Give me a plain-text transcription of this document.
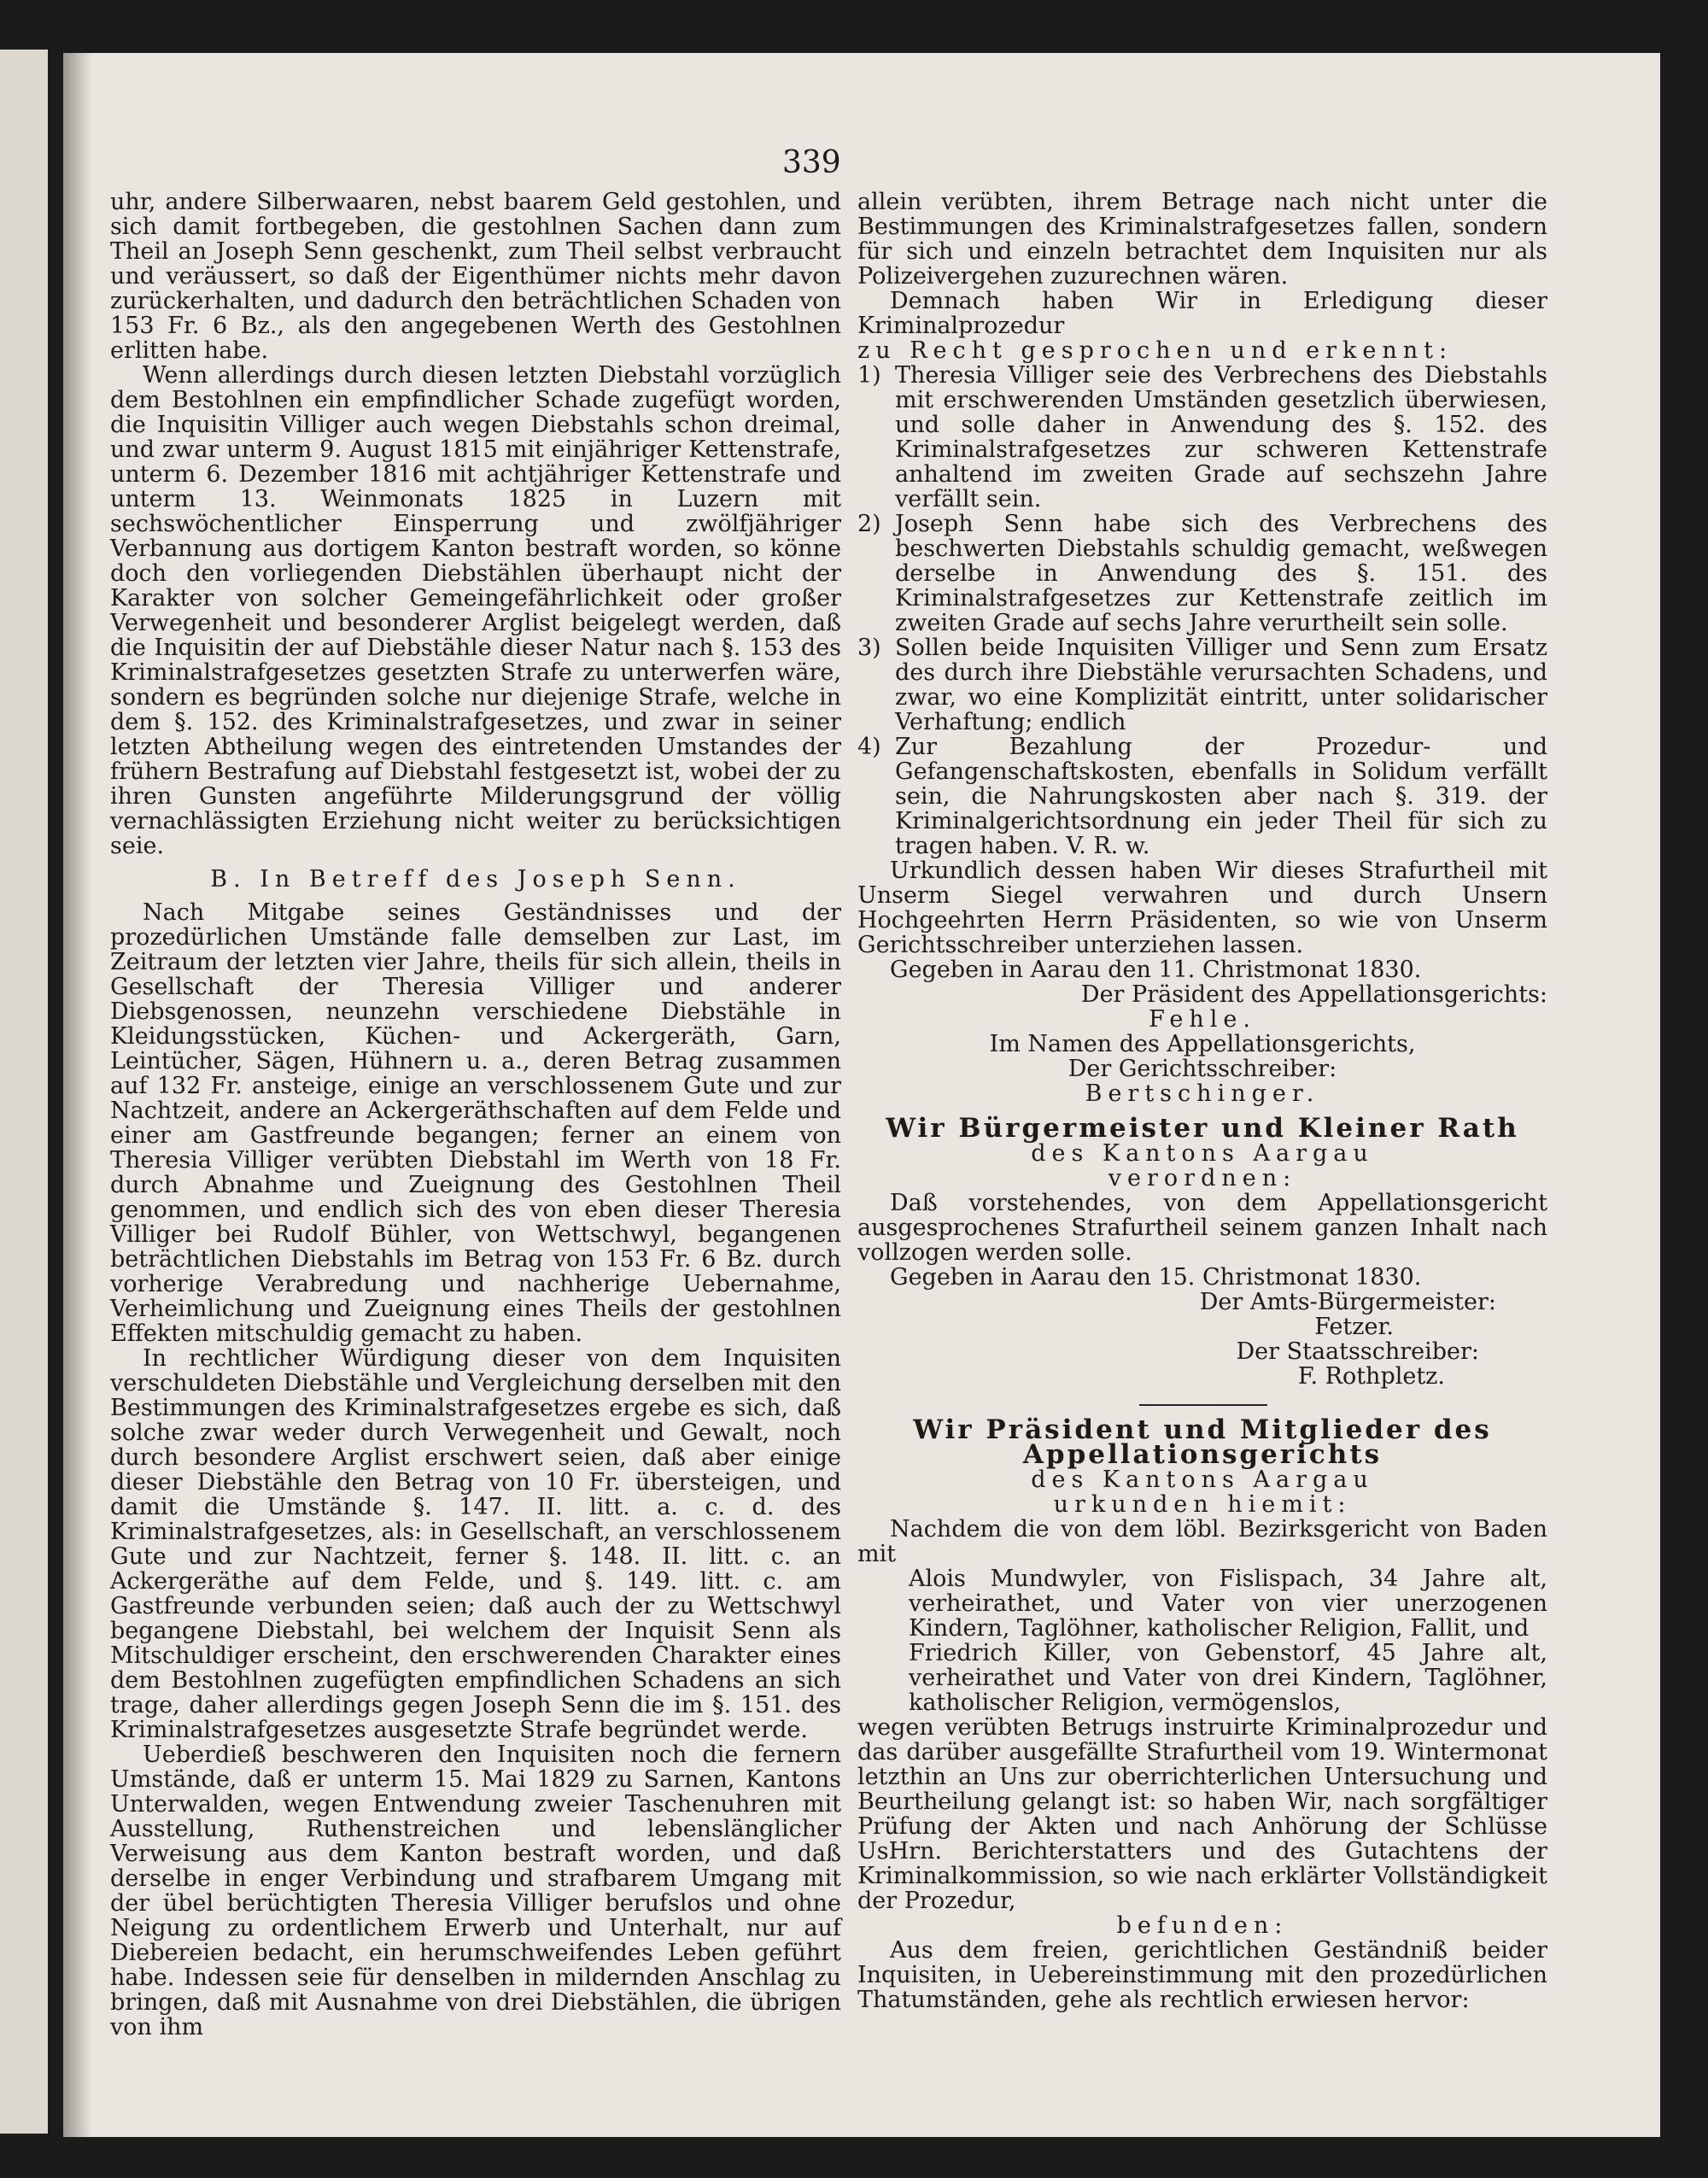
339

uhr, andere Silberwaaren, nebst baarem Geld gestohlen, und sich damit fortbegeben, die gestohlnen Sachen dann zum Theil an Joseph Senn geschenkt, zum Theil selbst verbraucht und veräussert, so daß der Eigenthümer nichts mehr davon zurückerhalten, und dadurch den beträchtlichen Schaden von 153 Fr. 6 Bz., als den angegebenen Werth des Gestohlnen erlitten habe.

Wenn allerdings durch diesen letzten Diebstahl vorzüglich dem Bestohlnen ein empfindlicher Schade zugefügt worden, die Inquisitin Villiger auch wegen Diebstahls schon dreimal, und zwar unterm 9. August 1815 mit einjähriger Kettenstrafe, unterm 6. Dezember 1816 mit achtjähriger Kettenstrafe und unterm 13. Weinmonats 1825 in Luzern mit sechswöchentlicher Einsperrung und zwölfjähriger Verbannung aus dortigem Kanton bestraft worden, so könne doch den vorliegenden Diebstählen überhaupt nicht der Karakter von solcher Gemeingefährlichkeit oder großer Verwegenheit und besonderer Arglist beigelegt werden, daß die Inquisitin der auf Diebstähle dieser Natur nach §. 153 des Kriminalstrafgesetzes gesetzten Strafe zu unterwerfen wäre, sondern es begründen solche nur diejenige Strafe, welche in dem §. 152. des Kriminalstrafgesetzes, und zwar in seiner letzten Abtheilung wegen des eintretenden Umstandes der frühern Bestrafung auf Diebstahl festgesetzt ist, wobei der zu ihren Gunsten angeführte Milderungsgrund der völlig vernachlässigten Erziehung nicht weiter zu berücksichtigen seie.

B. In Betreff des Joseph Senn.

Nach Mitgabe seines Geständnisses und der prozedürlichen Umstände falle demselben zur Last, im Zeitraum der letzten vier Jahre, theils für sich allein, theils in Gesellschaft der Theresia Villiger und anderer Diebsgenossen, neunzehn verschiedene Diebstähle in Kleidungsstücken, Küchen- und Ackergeräth, Garn, Leintücher, Sägen, Hühnern u. a., deren Betrag zusammen auf 132 Fr. ansteige, einige an verschlossenem Gute und zur Nachtzeit, andere an Ackergeräthschaften auf dem Felde und einer am Gastfreunde begangen; ferner an einem von Theresia Villiger verübten Diebstahl im Werth von 18 Fr. durch Abnahme und Zueignung des Gestohlnen Theil genommen, und endlich sich des von eben dieser Theresia Villiger bei Rudolf Bühler, von Wettschwyl, begangenen beträchtlichen Diebstahls im Betrag von 153 Fr. 6 Bz. durch vorherige Verabredung und nachherige Uebernahme, Verheimlichung und Zueignung eines Theils der gestohlnen Effekten mitschuldig gemacht zu haben.

In rechtlicher Würdigung dieser von dem Inquisiten verschuldeten Diebstähle und Vergleichung derselben mit den Bestimmungen des Kriminalstrafgesetzes ergebe es sich, daß solche zwar weder durch Verwegenheit und Gewalt, noch durch besondere Arglist erschwert seien, daß aber einige dieser Diebstähle den Betrag von 10 Fr. übersteigen, und damit die Umstände §. 147. II. litt. a. c. d. des Kriminalstrafgesetzes, als: in Gesellschaft, an verschlossenem Gute und zur Nachtzeit, ferner §. 148. II. litt. c. an Ackergeräthe auf dem Felde, und §. 149. litt. c. am Gastfreunde verbunden seien; daß auch der zu Wettschwyl begangene Diebstahl, bei welchem der Inquisit Senn als Mitschuldiger erscheint, den erschwerenden Charakter eines dem Bestohlnen zugefügten empfindlichen Schadens an sich trage, daher allerdings gegen Joseph Senn die im §. 151. des Kriminalstrafgesetzes ausgesetzte Strafe begründet werde.

Ueberdieß beschweren den Inquisiten noch die fernern Umstände, daß er unterm 15. Mai 1829 zu Sarnen, Kantons Unterwalden, wegen Entwendung zweier Taschenuhren mit Ausstellung, Ruthenstreichen und lebenslänglicher Verweisung aus dem Kanton bestraft worden, und daß derselbe in enger Verbindung und strafbarem Umgang mit der übel berüchtigten Theresia Villiger berufslos und ohne Neigung zu ordentlichem Erwerb und Unterhalt, nur auf Diebereien bedacht, ein herumschweifendes Leben geführt habe. Indessen seie für denselben in mildernden Anschlag zu bringen, daß mit Ausnahme von drei Diebstählen, die übrigen von ihm

allein verübten, ihrem Betrage nach nicht unter die Bestimmungen des Kriminalstrafgesetzes fallen, sondern für sich und einzeln betrachtet dem Inquisiten nur als Polizeivergehen zuzurechnen wären.

Demnach haben Wir in Erledigung dieser Kriminalprozedur

zu Recht gesprochen und erkennt:

1) Theresia Villiger seie des Verbrechens des Diebstahls mit erschwerenden Umständen gesetzlich überwiesen, und solle daher in Anwendung des §. 152. des Kriminalstrafgesetzes zur schweren Kettenstrafe anhaltend im zweiten Grade auf sechszehn Jahre verfällt sein.
2) Joseph Senn habe sich des Verbrechens des beschwerten Diebstahls schuldig gemacht, weßwegen derselbe in Anwendung des §. 151. des Kriminalstrafgesetzes zur Kettenstrafe zeitlich im zweiten Grade auf sechs Jahre verurtheilt sein solle.
3) Sollen beide Inquisiten Villiger und Senn zum Ersatz des durch ihre Diebstähle verursachten Schadens, und zwar, wo eine Komplizität eintritt, unter solidarischer Verhaftung; endlich
4) Zur Bezahlung der Prozedur- und Gefangenschaftskosten, ebenfalls in Solidum verfällt sein, die Nahrungskosten aber nach §. 319. der Kriminalgerichtsordnung ein jeder Theil für sich zu tragen haben. V. R. w.

Urkundlich dessen haben Wir dieses Strafurtheil mit Unserm Siegel verwahren und durch Unsern Hochgeehrten Herrn Präsidenten, so wie von Unserm Gerichtsschreiber unterziehen lassen.

Gegeben in Aarau den 11. Christmonat 1830.

Der Präsident des Appellationsgerichts:

Fehle.

Im Namen des Appellationsgerichts,

Der Gerichtsschreiber:

Bertschinger.

Wir Bürgermeister und Kleiner Rath

des Kantons Aargau

verordnen:

Daß vorstehendes, von dem Appellationsgericht ausgesprochenes Strafurtheil seinem ganzen Inhalt nach vollzogen werden solle.

Gegeben in Aarau den 15. Christmonat 1830.

Der Amts-Bürgermeister:

Fetzer.

Der Staatsschreiber:

F. Rothpletz.

Wir Präsident und Mitglieder des Appellationsgerichts

des Kantons Aargau

urkunden hiemit:

Nachdem die von dem löbl. Bezirksgericht von Baden mit

Alois Mundwyler, von Fislispach, 34 Jahre alt, verheirathet, und Vater von vier unerzogenen Kindern, Taglöhner, katholischer Religion, Fallit, und

Friedrich Killer, von Gebenstorf, 45 Jahre alt, verheirathet und Vater von drei Kindern, Taglöhner, katholischer Religion, vermögenslos,

wegen verübten Betrugs instruirte Kriminalprozedur und das darüber ausgefällte Strafurtheil vom 19. Wintermonat letzthin an Uns zur oberrichterlichen Untersuchung und Beurtheilung gelangt ist: so haben Wir, nach sorgfältiger Prüfung der Akten und nach Anhörung der Schlüsse UsHrn. Berichterstatters und des Gutachtens der Kriminalkommission, so wie nach erklärter Vollständigkeit der Prozedur,

befunden:

Aus dem freien, gerichtlichen Geständniß beider Inquisiten, in Uebereinstimmung mit den prozedürlichen Thatumständen, gehe als rechtlich erwiesen hervor:
